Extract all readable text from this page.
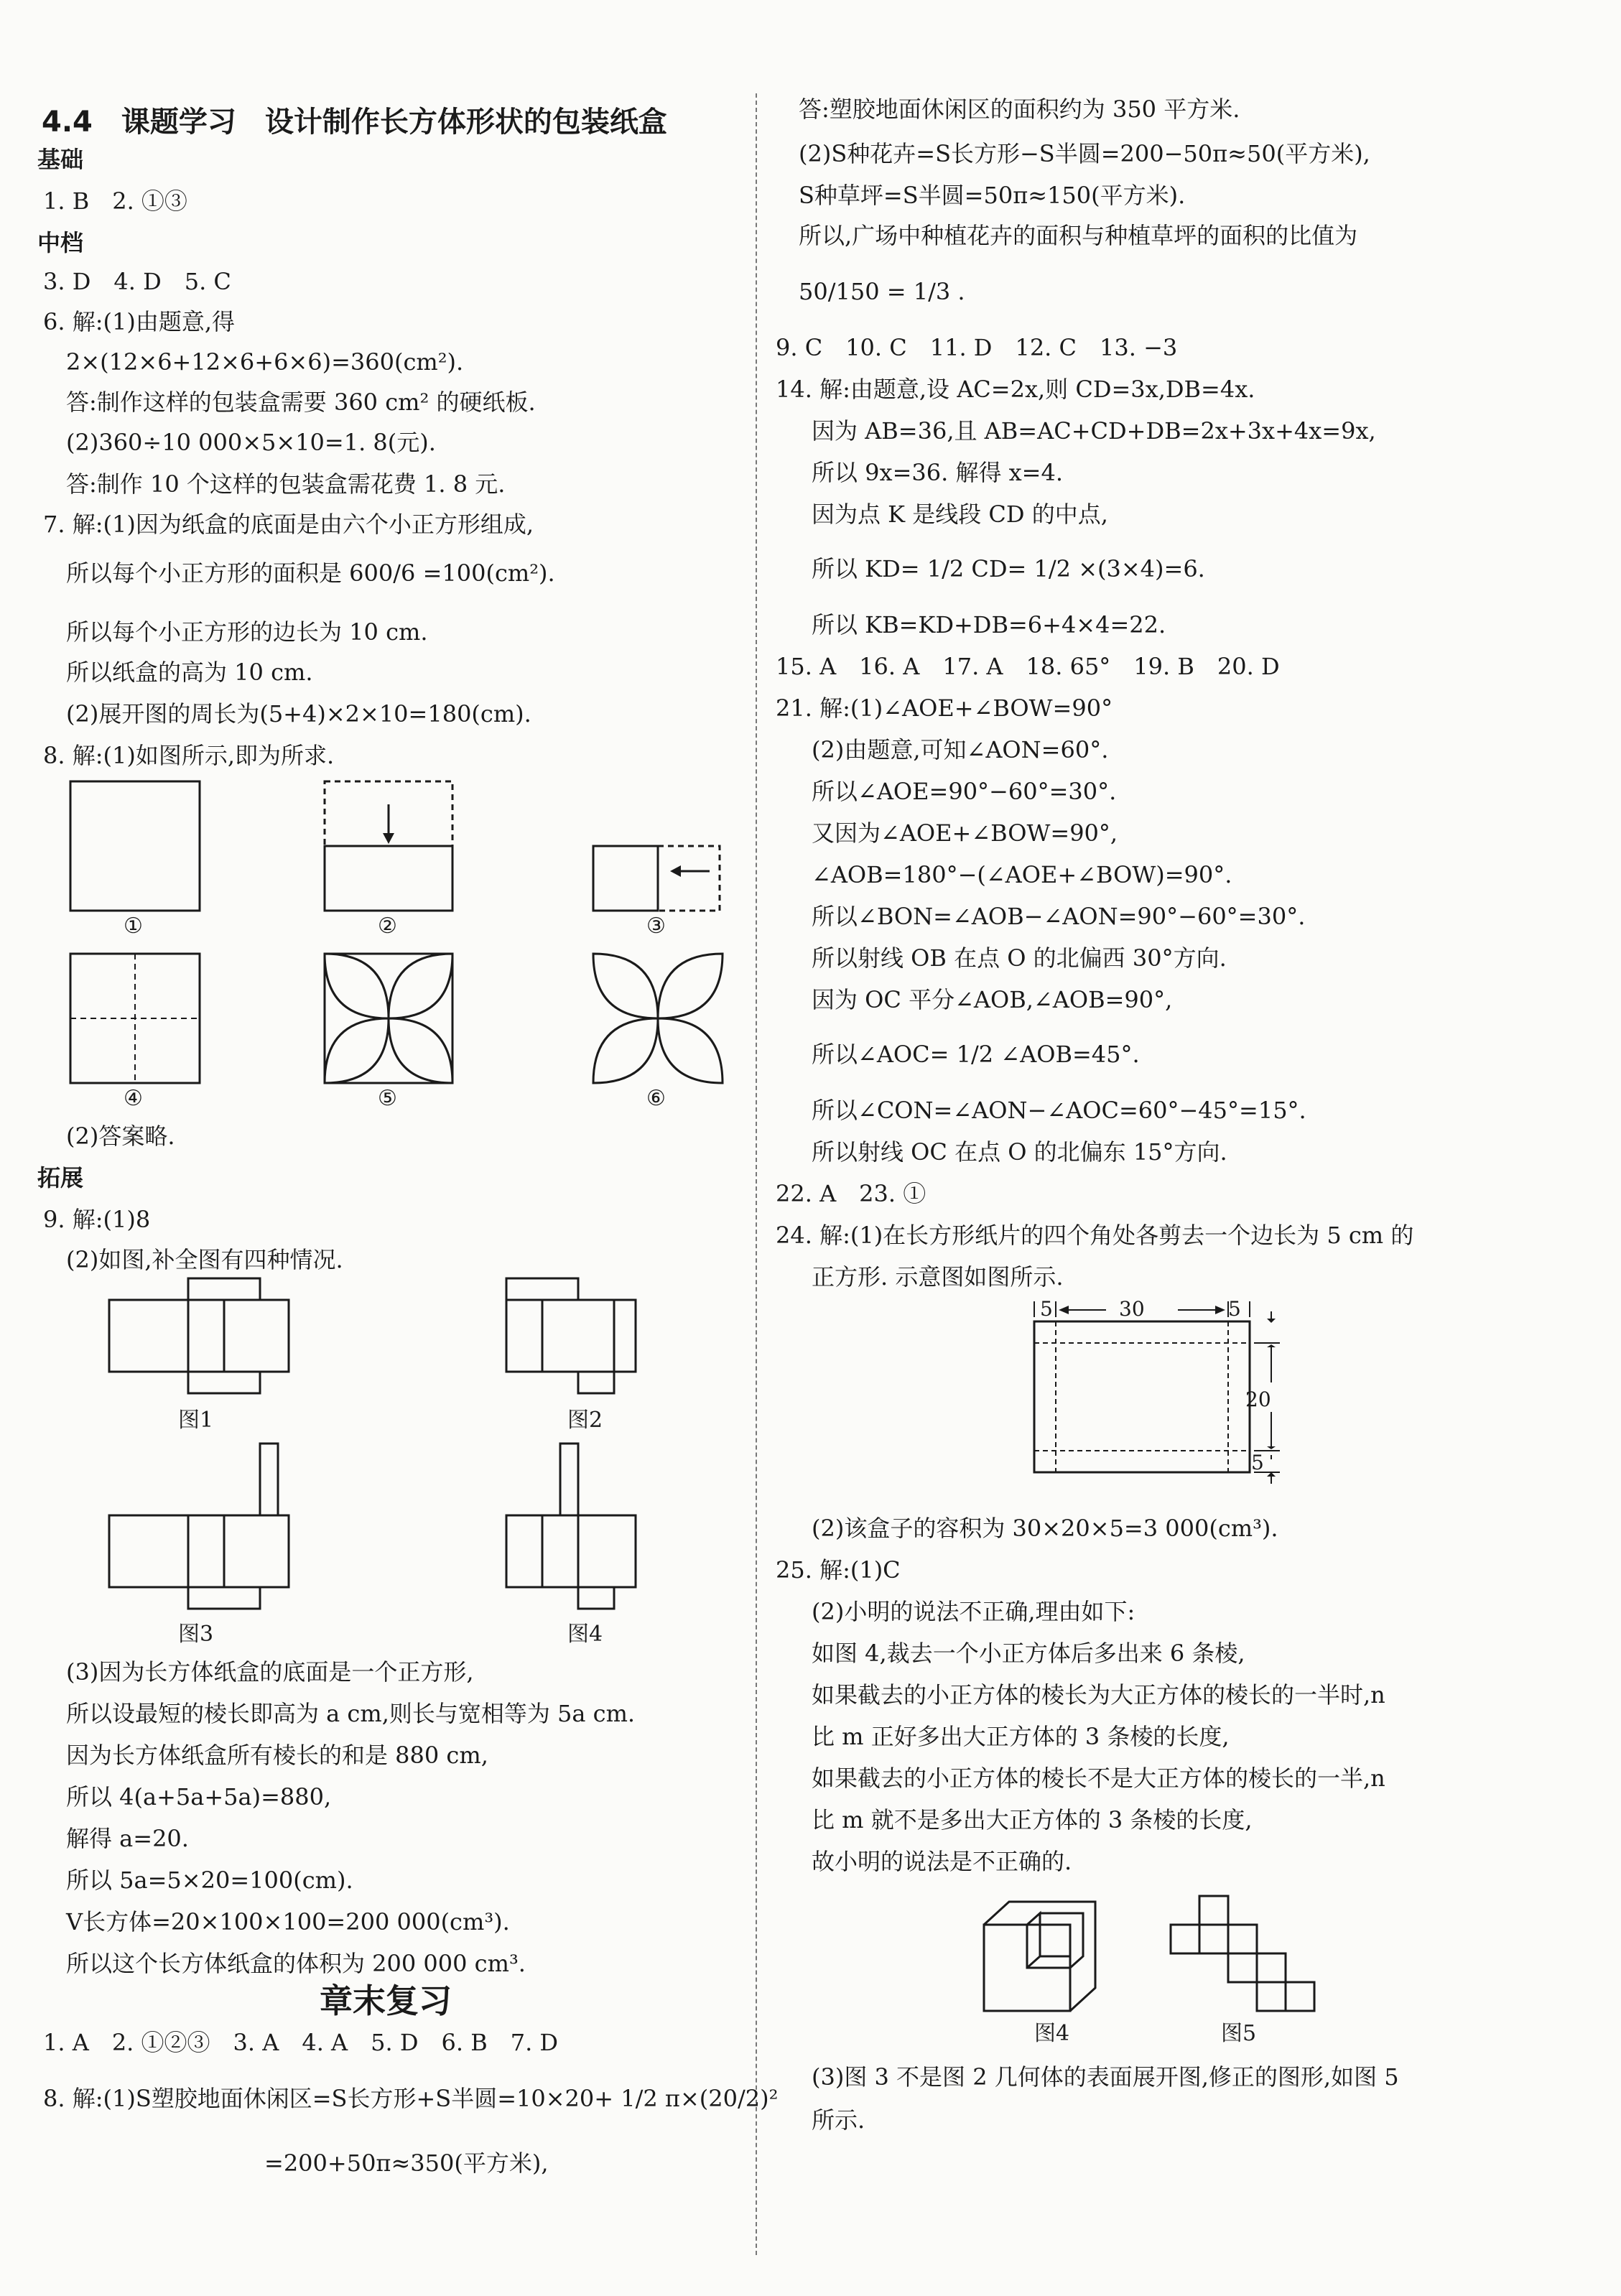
4.4　课题学习　设计制作长方体形状的包装纸盒
基础
1. B　2. ①③
中档
3. D　4. D　5. C
6. 解:(1)由题意,得
2×(12×6+12×6+6×6)=360(cm²).
答:制作这样的包装盒需要 360 cm² 的硬纸板.
(2)360÷10 000×5×10=1. 8(元).
答:制作 10 个这样的包装盒需花费 1. 8 元.
7. 解:(1)因为纸盒的底面是由六个小正方形组成,
所以每个小正方形的面积是 600/6 =100(cm²).
所以每个小正方形的边长为 10 cm.
所以纸盒的高为 10 cm.
(2)展开图的周长为(5+4)×2×10=180(cm).
8. 解:(1)如图所示,即为所求.
①	②	③
④	⑤	⑥
(2)答案略.
拓展
9. 解:(1)8
(2)如图,补全图有四种情况.
图1	图2
图3	图4
(3)因为长方体纸盒的底面是一个正方形,
所以设最短的棱长即高为 a cm,则长与宽相等为 5a cm.
因为长方体纸盒所有棱长的和是 880 cm,
所以 4(a+5a+5a)=880,
解得 a=20.
所以 5a=5×20=100(cm).
V长方体=20×100×100=200 000(cm³).
所以这个长方体纸盒的体积为 200 000 cm³.
章末复习
1. A　2. ①②③　3. A　4. A　5. D　6. B　7. D
8. 解:(1)S塑胶地面休闲区=S长方形+S半圆=10×20+ 1/2 π×(20/2)²
=200+50π≈350(平方米),
答:塑胶地面休闲区的面积约为 350 平方米.
(2)S种花卉=S长方形−S半圆=200−50π≈50(平方米),
S种草坪=S半圆=50π≈150(平方米).
所以,广场中种植花卉的面积与种植草坪的面积的比值为
50/150 = 1/3 .
9. C　10. C　11. D　12. C　13. −3
14. 解:由题意,设 AC=2x,则 CD=3x,DB=4x.
因为 AB=36,且 AB=AC+CD+DB=2x+3x+4x=9x,
所以 9x=36. 解得 x=4.
因为点 K 是线段 CD 的中点,
所以 KD= 1/2 CD= 1/2 ×(3×4)=6.
所以 KB=KD+DB=6+4×4=22.
15. A　16. A　17. A　18. 65°　19. B　20. D
21. 解:(1)∠AOE+∠BOW=90°
(2)由题意,可知∠AON=60°.
所以∠AOE=90°−60°=30°.
又因为∠AOE+∠BOW=90°,
∠AOB=180°−(∠AOE+∠BOW)=90°.
所以∠BON=∠AOB−∠AON=90°−60°=30°.
所以射线 OB 在点 O 的北偏西 30°方向.
因为 OC 平分∠AOB,∠AOB=90°,
所以∠AOC= 1/2 ∠AOB=45°.
所以∠CON=∠AON−∠AOC=60°−45°=15°.
所以射线 OC 在点 O 的北偏东 15°方向.
22. A　23. ①
24. 解:(1)在长方形纸片的四个角处各剪去一个边长为 5 cm 的
正方形. 示意图如图所示.
5	30	5
20
5
(2)该盒子的容积为 30×20×5=3 000(cm³).
25. 解:(1)C
(2)小明的说法不正确,理由如下:
如图 4,裁去一个小正方体后多出来 6 条棱,
如果截去的小正方体的棱长为大正方体的棱长的一半时,n
比 m 正好多出大正方体的 3 条棱的长度,
如果截去的小正方体的棱长不是大正方体的棱长的一半,n
比 m 就不是多出大正方体的 3 条棱的长度,
故小明的说法是不正确的.
图4	图5
(3)图 3 不是图 2 几何体的表面展开图,修正的图形,如图 5
所示.
